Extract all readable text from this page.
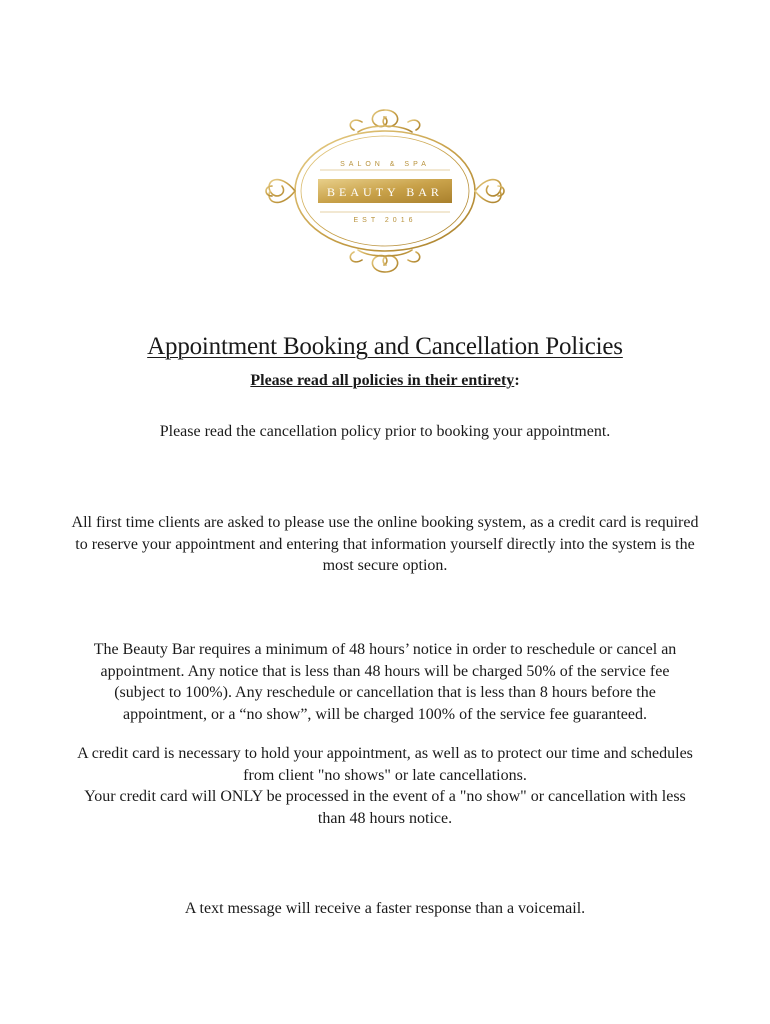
SALON & SPA
BEAUTY BAR
EST 2016
Appointment Booking and Cancellation Policies
Please read all policies in their entirety:
Please read the cancellation policy prior to booking your appointment.
All first time clients are asked to please use the online booking system, as a credit card is required to reserve your appointment and entering that information yourself directly into the system is the most secure option.
The Beauty Bar requires a minimum of 48 hours’ notice in order to reschedule or cancel an appointment. Any notice that is less than 48 hours will be charged 50% of the service fee (subject to 100%). Any reschedule or cancellation that is less than 8 hours before the appointment, or a “no show”, will be charged 100% of the service fee guaranteed.
A credit card is necessary to hold your appointment, as well as to protect our time and schedules from client "no shows" or late cancellations.
Your credit card will ONLY be processed in the event of a "no show" or cancellation with less than 48 hours notice.
A text message will receive a faster response than a voicemail.
